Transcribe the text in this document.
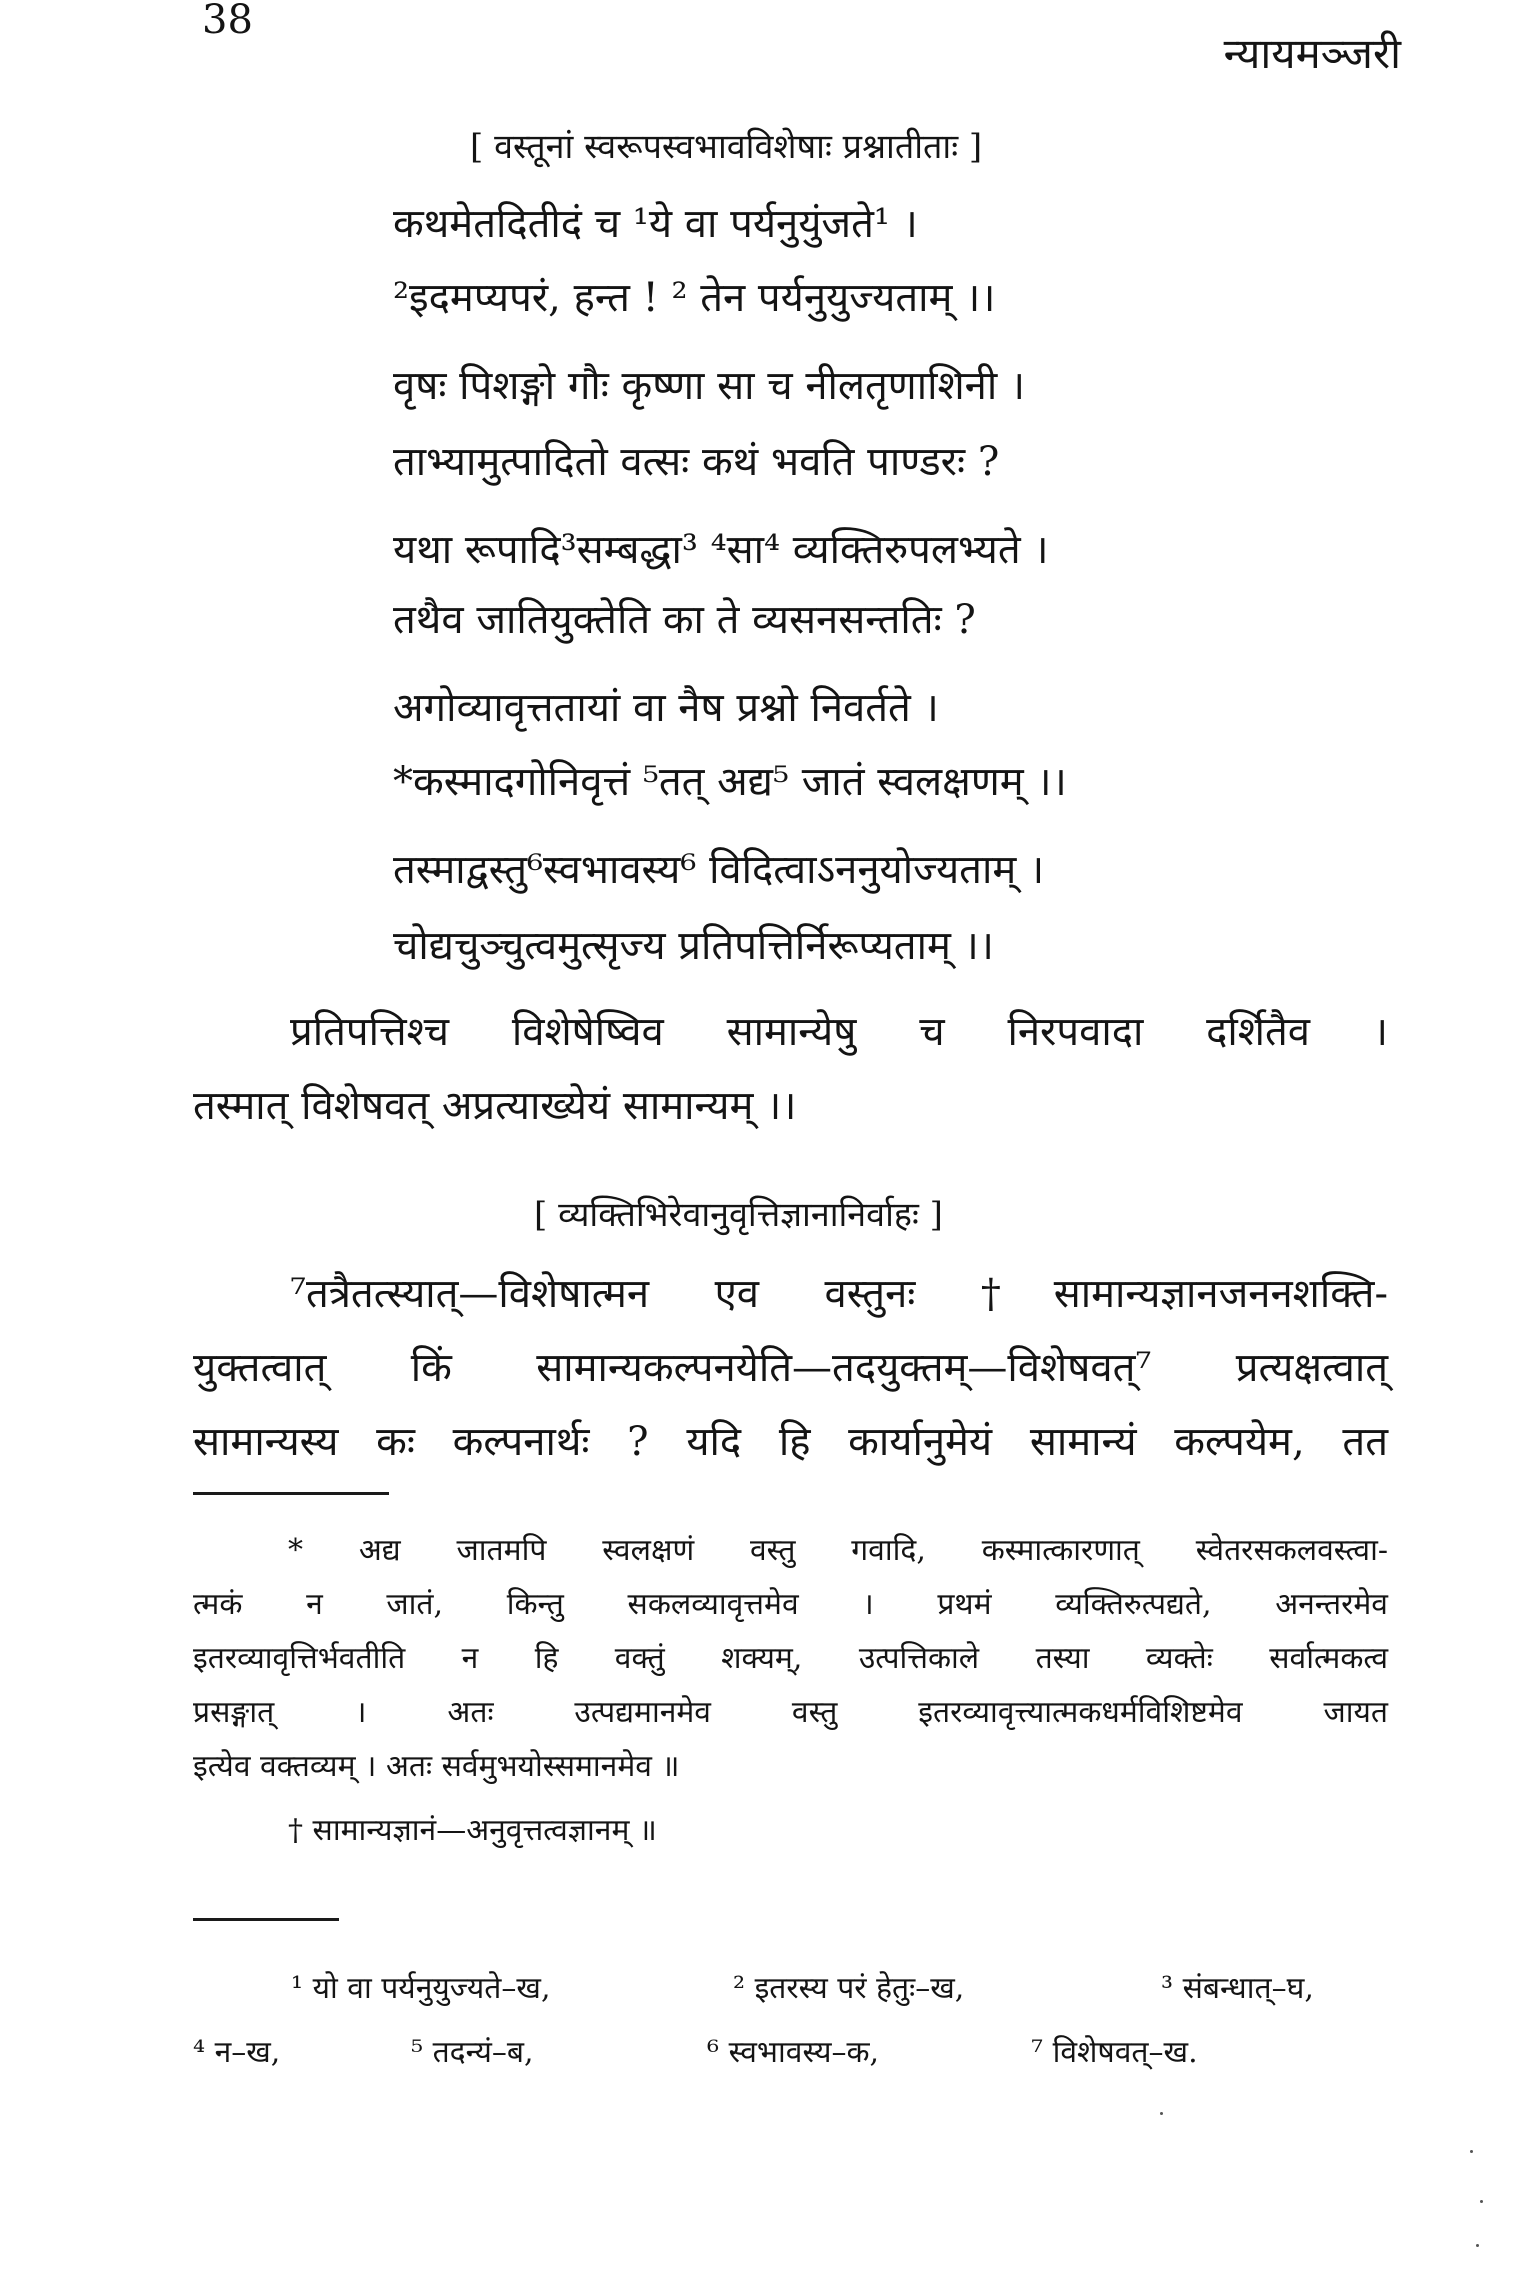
38
न्यायमञ्जरी
[ वस्तूनां स्वरूपस्वभावविशेषाः प्रश्नातीताः ]
कथमेतदितीदं च ¹ये वा पर्यनुयुंजते¹ ।
²इदमप्यपरं, हन्त ! ² तेन पर्यनुयुज्यताम् ।।
वृषः पिशङ्गो गौः कृष्णा सा च नीलतृणाशिनी ।
ताभ्यामुत्पादितो वत्सः कथं भवति पाण्डरः ?
यथा रूपादि³सम्बद्धा³ ⁴सा⁴ व्यक्तिरुपलभ्यते ।
तथैव जातियुक्तेति का ते व्यसनसन्ततिः ?
अगोव्यावृत्ततायां वा नैष प्रश्नो निवर्तते ।
*कस्मादगोनिवृत्तं ⁵तत् अद्य⁵ जातं स्वलक्षणम् ।।
तस्माद्वस्तु⁶स्वभावस्य⁶ विदित्वाऽननुयोज्यताम् ।
चोद्यचुञ्चुत्वमुत्सृज्य प्रतिपत्तिर्निरूप्यताम् ।।
प्रतिपत्तिश्च विशेषेष्विव सामान्येषु च निरपवादा दर्शितैव ।
तस्मात् विशेषवत् अप्रत्याख्येयं सामान्यम् ।।
[ व्यक्तिभिरेवानुवृत्तिज्ञानानिर्वाहः ]
⁷तत्रैतत्स्यात्—विशेषात्मन एव वस्तुनः †सामान्यज्ञानजननशक्ति-
युक्तत्वात् किं सामान्यकल्पनयेति—तदयुक्तम्—विशेषवत्⁷ प्रत्यक्षत्वात्
सामान्यस्य कः कल्पनार्थः ? यदि हि कार्यानुमेयं सामान्यं कल्पयेम, तत
* अद्य जातमपि स्वलक्षणं वस्तु गवादि, कस्मात्कारणात् स्वेतरसकलवस्त्वा-
त्मकं न जातं, किन्तु सकलव्यावृत्तमेव । प्रथमं व्यक्तिरुत्पद्यते, अनन्तरमेव
इतरव्यावृत्तिर्भवतीति न हि वक्तुं शक्यम्, उत्पत्तिकाले तस्या व्यक्तेः सर्वात्मकत्व
प्रसङ्गात् । अतः उत्पद्यमानमेव वस्तु इतरव्यावृत्त्यात्मकधर्मविशिष्टमेव जायत
इत्येव वक्तव्यम् । अतः सर्वमुभयोस्समानमेव ॥
† सामान्यज्ञानं—अनुवृत्तत्वज्ञानम् ॥
¹ यो वा पर्यनुयुज्यते–ख,	² इतरस्य परं हेतुः–ख,	³ संबन्धात्–घ,
⁴ न–ख,	⁵ तदन्यं–ब,	⁶ स्वभावस्य–क,	⁷ विशेषवत्–ख.
